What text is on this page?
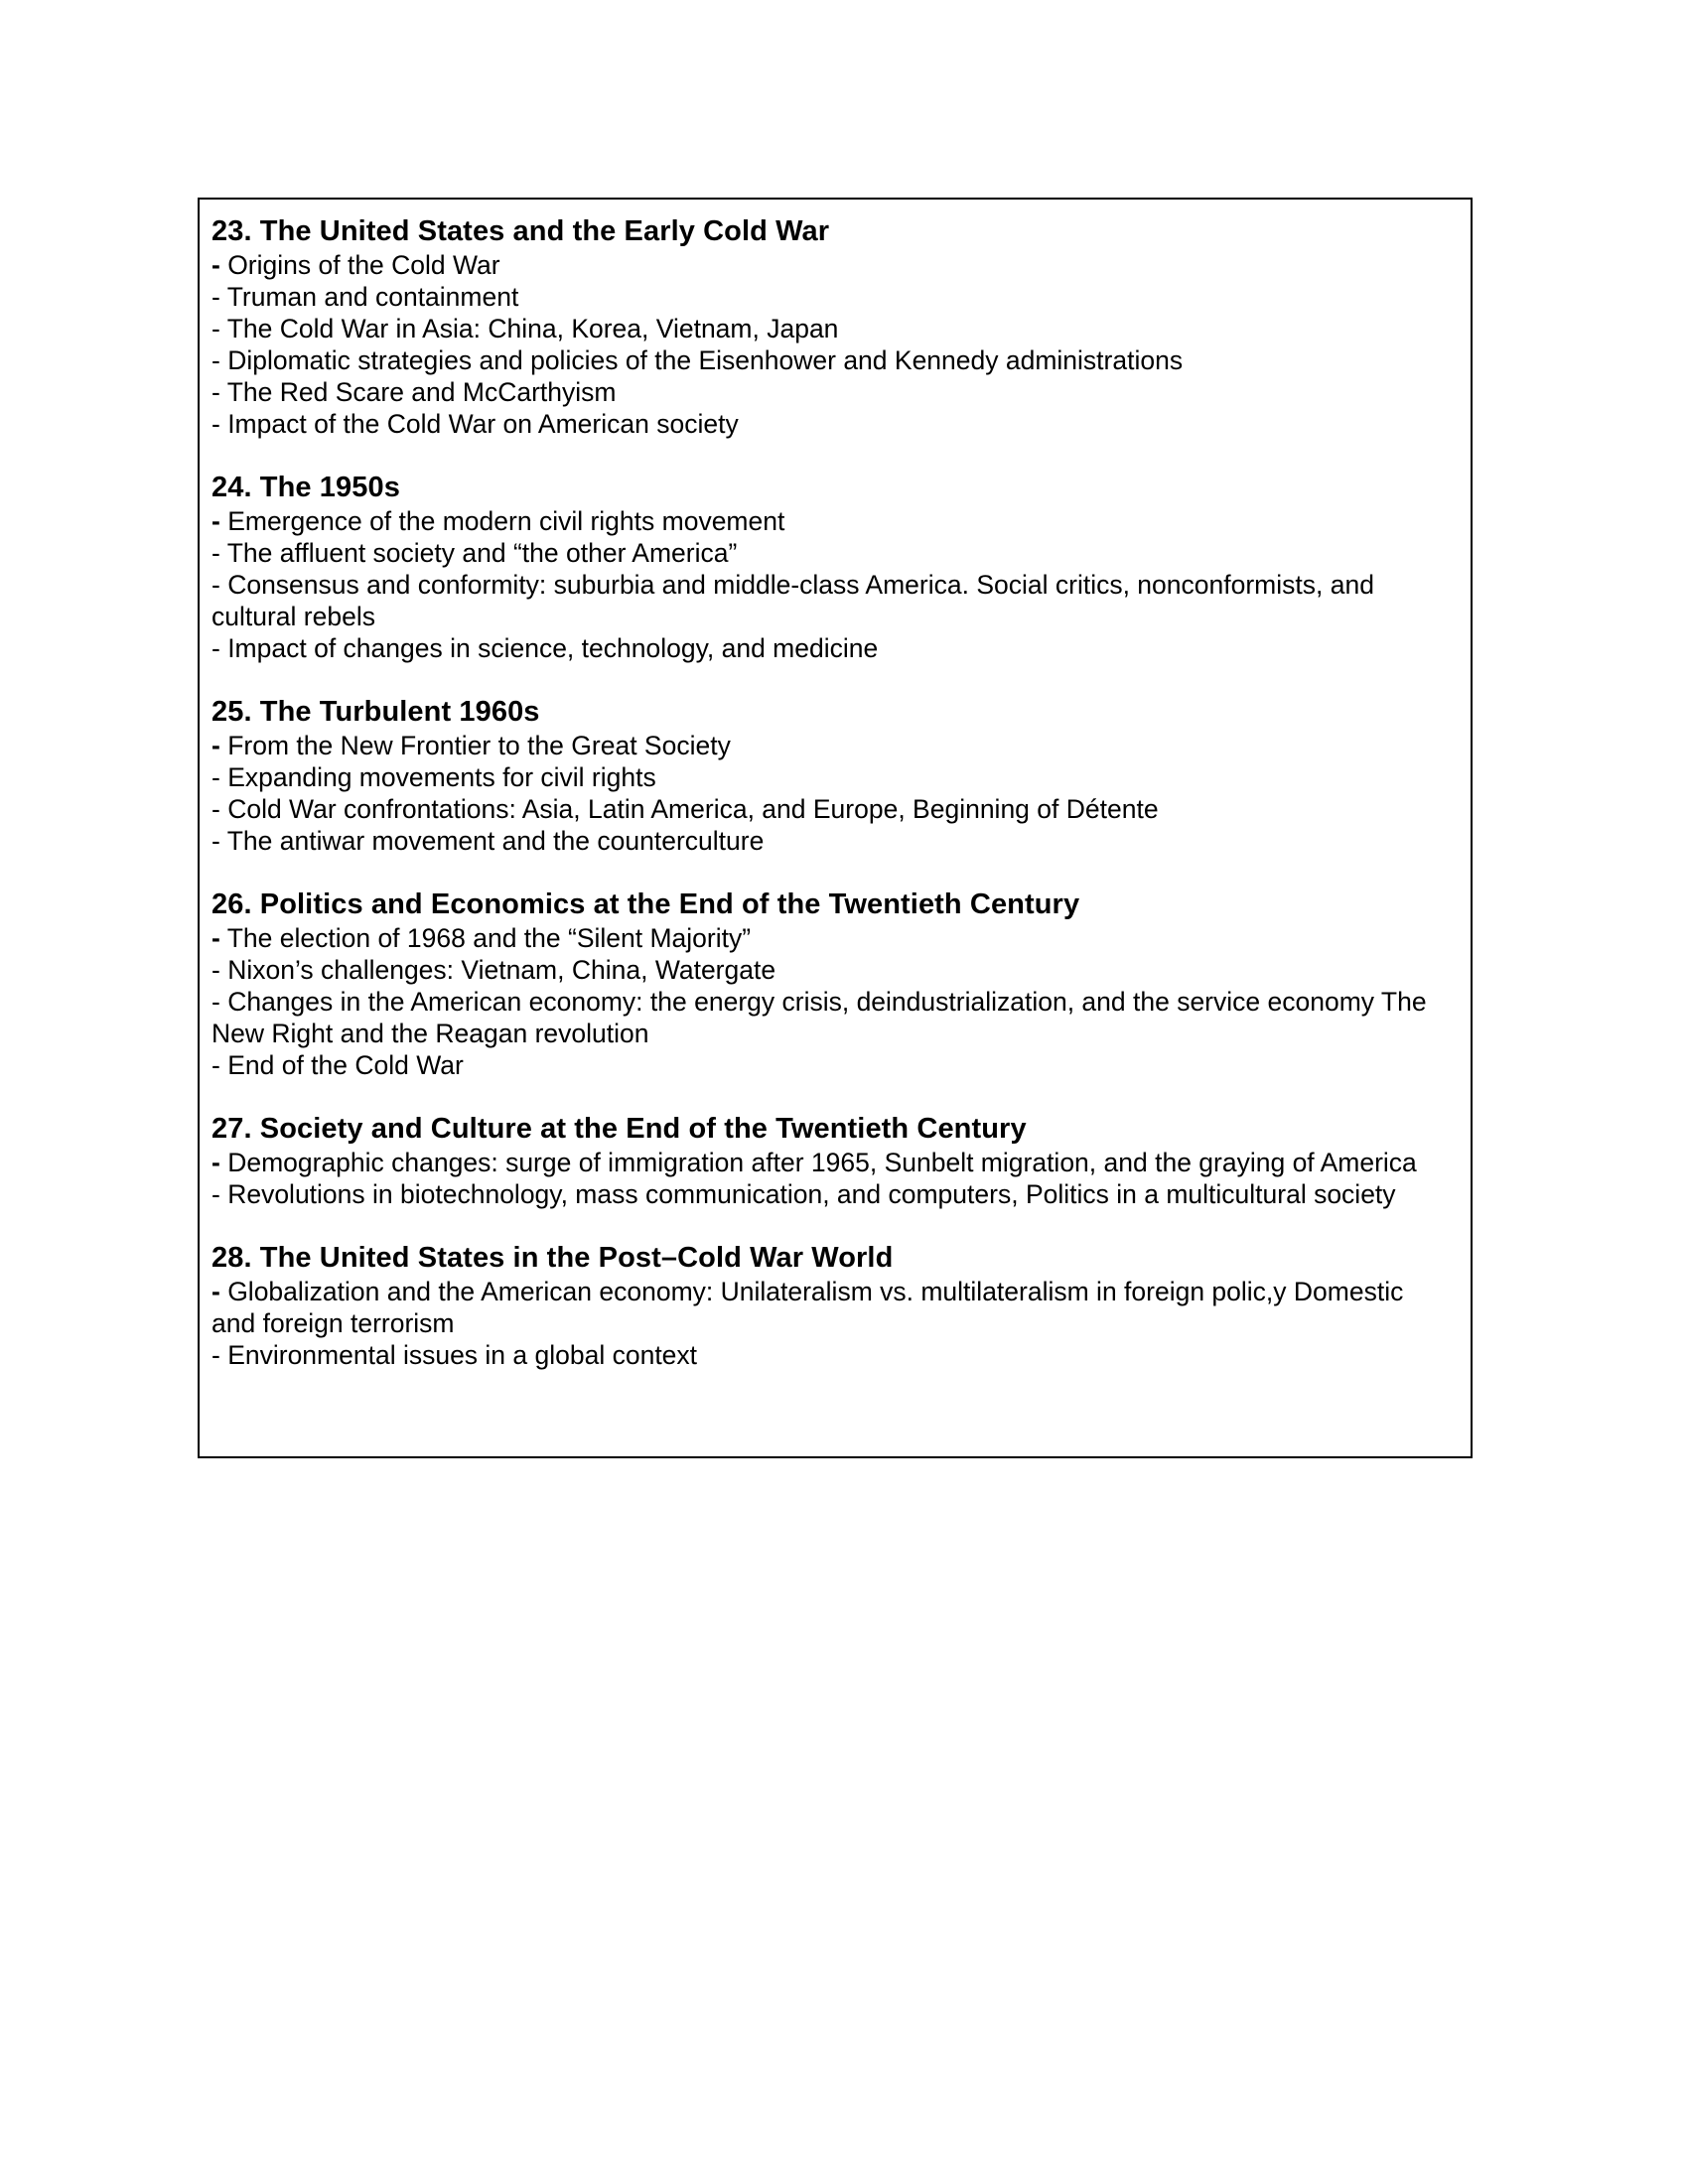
23. The United States and the Early Cold War

- Origins of the Cold War

- Truman and containment

- The Cold War in Asia: China, Korea, Vietnam, Japan

- Diplomatic strategies and policies of the Eisenhower and Kennedy administrations

- The Red Scare and McCarthyism

- Impact of the Cold War on American society

24. The 1950s

- Emergence of the modern civil rights movement

- The affluent society and “the other America”

- Consensus and conformity: suburbia and middle-class America. Social critics, nonconformists, and cultural rebels

- Impact of changes in science, technology, and medicine

25. The Turbulent 1960s

- From the New Frontier to the Great Society

- Expanding movements for civil rights

- Cold War confrontations: Asia, Latin America, and Europe, Beginning of Détente

- The antiwar movement and the counterculture

26. Politics and Economics at the End of the Twentieth Century

- The election of 1968 and the “Silent Majority”

- Nixon’s challenges: Vietnam, China, Watergate

- Changes in the American economy: the energy crisis, deindustrialization, and the service economy The New Right and the Reagan revolution

- End of the Cold War

27. Society and Culture at the End of the Twentieth Century

- Demographic changes: surge of immigration after 1965, Sunbelt migration, and the graying of America

- Revolutions in biotechnology, mass communication, and computers, Politics in a multicultural society

28. The United States in the Post–Cold War World

- Globalization and the American economy: Unilateralism vs. multilateralism in foreign polic,y Domestic and foreign terrorism

- Environmental issues in a global context
